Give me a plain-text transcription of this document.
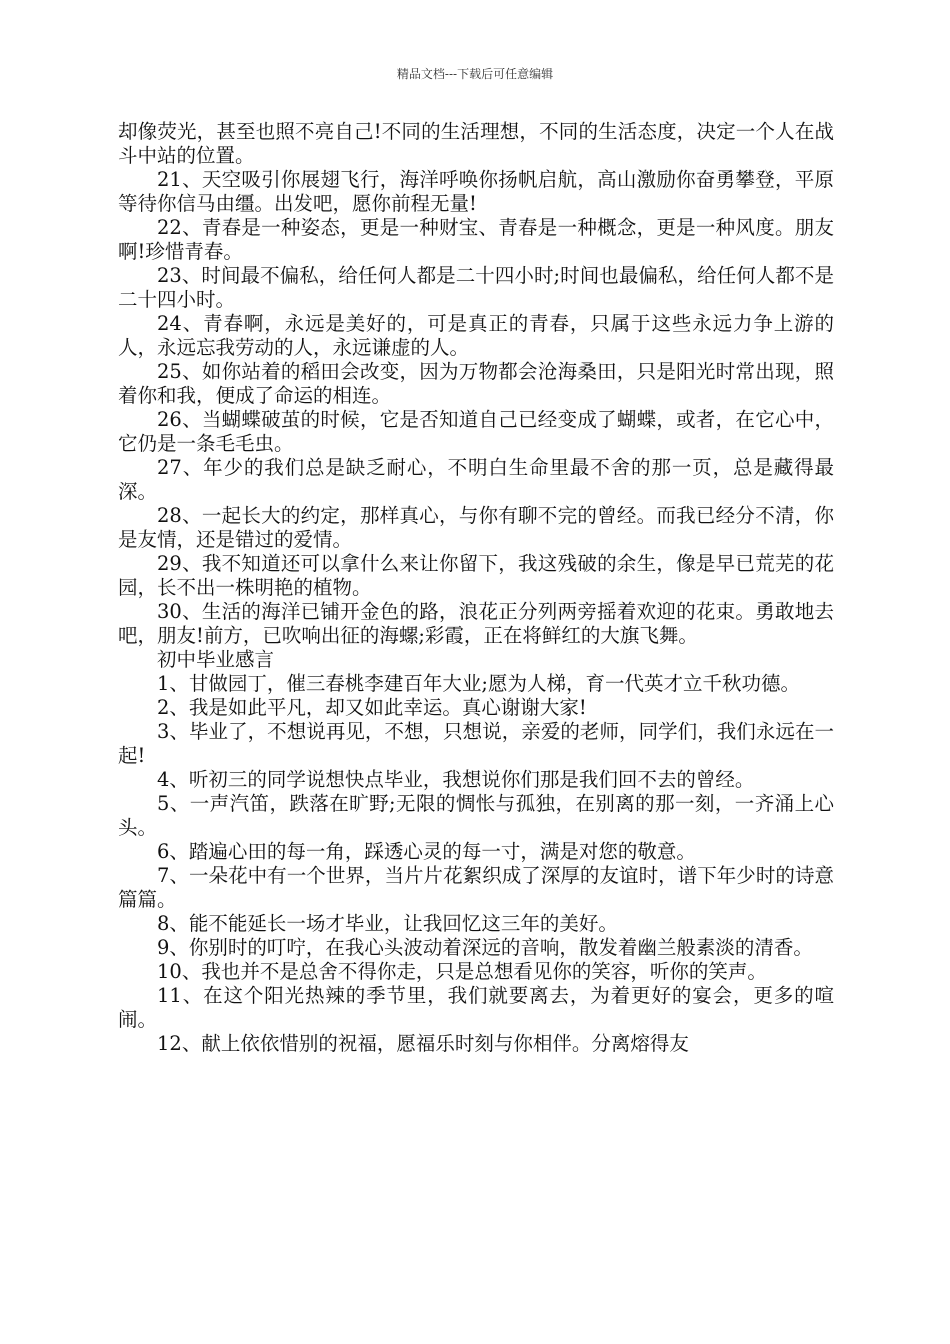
精品文档---下载后可任意编辑

却像荧光，甚至也照不亮自己!不同的生活理想，不同的生活态度，决定一个人在战斗中站的位置。

21、天空吸引你展翅飞行，海洋呼唤你扬帆启航，高山激励你奋勇攀登，平原等待你信马由缰。出发吧，愿你前程无量!

22、青春是一种姿态，更是一种财宝、青春是一种概念，更是一种风度。朋友啊!珍惜青春。

23、时间最不偏私，给任何人都是二十四小时;时间也最偏私，给任何人都不是二十四小时。

24、青春啊，永远是美好的，可是真正的青春，只属于这些永远力争上游的人，永远忘我劳动的人，永远谦虚的人。

25、如你站着的稻田会改变，因为万物都会沧海桑田，只是阳光时常出现，照着你和我，便成了命运的相连。

26、当蝴蝶破茧的时候，它是否知道自己已经变成了蝴蝶，或者，在它心中，它仍是一条毛毛虫。

27、年少的我们总是缺乏耐心，不明白生命里最不舍的那一页，总是藏得最深。

28、一起长大的约定，那样真心，与你有聊不完的曾经。而我已经分不清，你是友情，还是错过的爱情。

29、我不知道还可以拿什么来让你留下，我这残破的余生，像是早已荒芜的花园，长不出一株明艳的植物。

30、生活的海洋已铺开金色的路，浪花正分列两旁摇着欢迎的花束。勇敢地去吧，朋友!前方，已吹响出征的海螺;彩霞，正在将鲜红的大旗飞舞。

初中毕业感言

1、甘做园丁，催三春桃李建百年大业;愿为人梯，育一代英才立千秋功德。

2、我是如此平凡，却又如此幸运。真心谢谢大家!

3、毕业了，不想说再见，不想，只想说，亲爱的老师，同学们，我们永远在一起!

4、听初三的同学说想快点毕业，我想说你们那是我们回不去的曾经。

5、一声汽笛，跌落在旷野;无限的惆怅与孤独，在别离的那一刻，一齐涌上心头。

6、踏遍心田的每一角，踩透心灵的每一寸，满是对您的敬意。

7、一朵花中有一个世界，当片片花絮织成了深厚的友谊时，谱下年少时的诗意篇篇。

8、能不能延长一场才毕业，让我回忆这三年的美好。

9、你别时的叮咛，在我心头波动着深远的音响，散发着幽兰般素淡的清香。

10、我也并不是总舍不得你走，只是总想看见你的笑容，听你的笑声。

11、在这个阳光热辣的季节里，我们就要离去，为着更好的宴会，更多的喧闹。

12、献上依依惜别的祝福，愿福乐时刻与你相伴。分离熔得友
